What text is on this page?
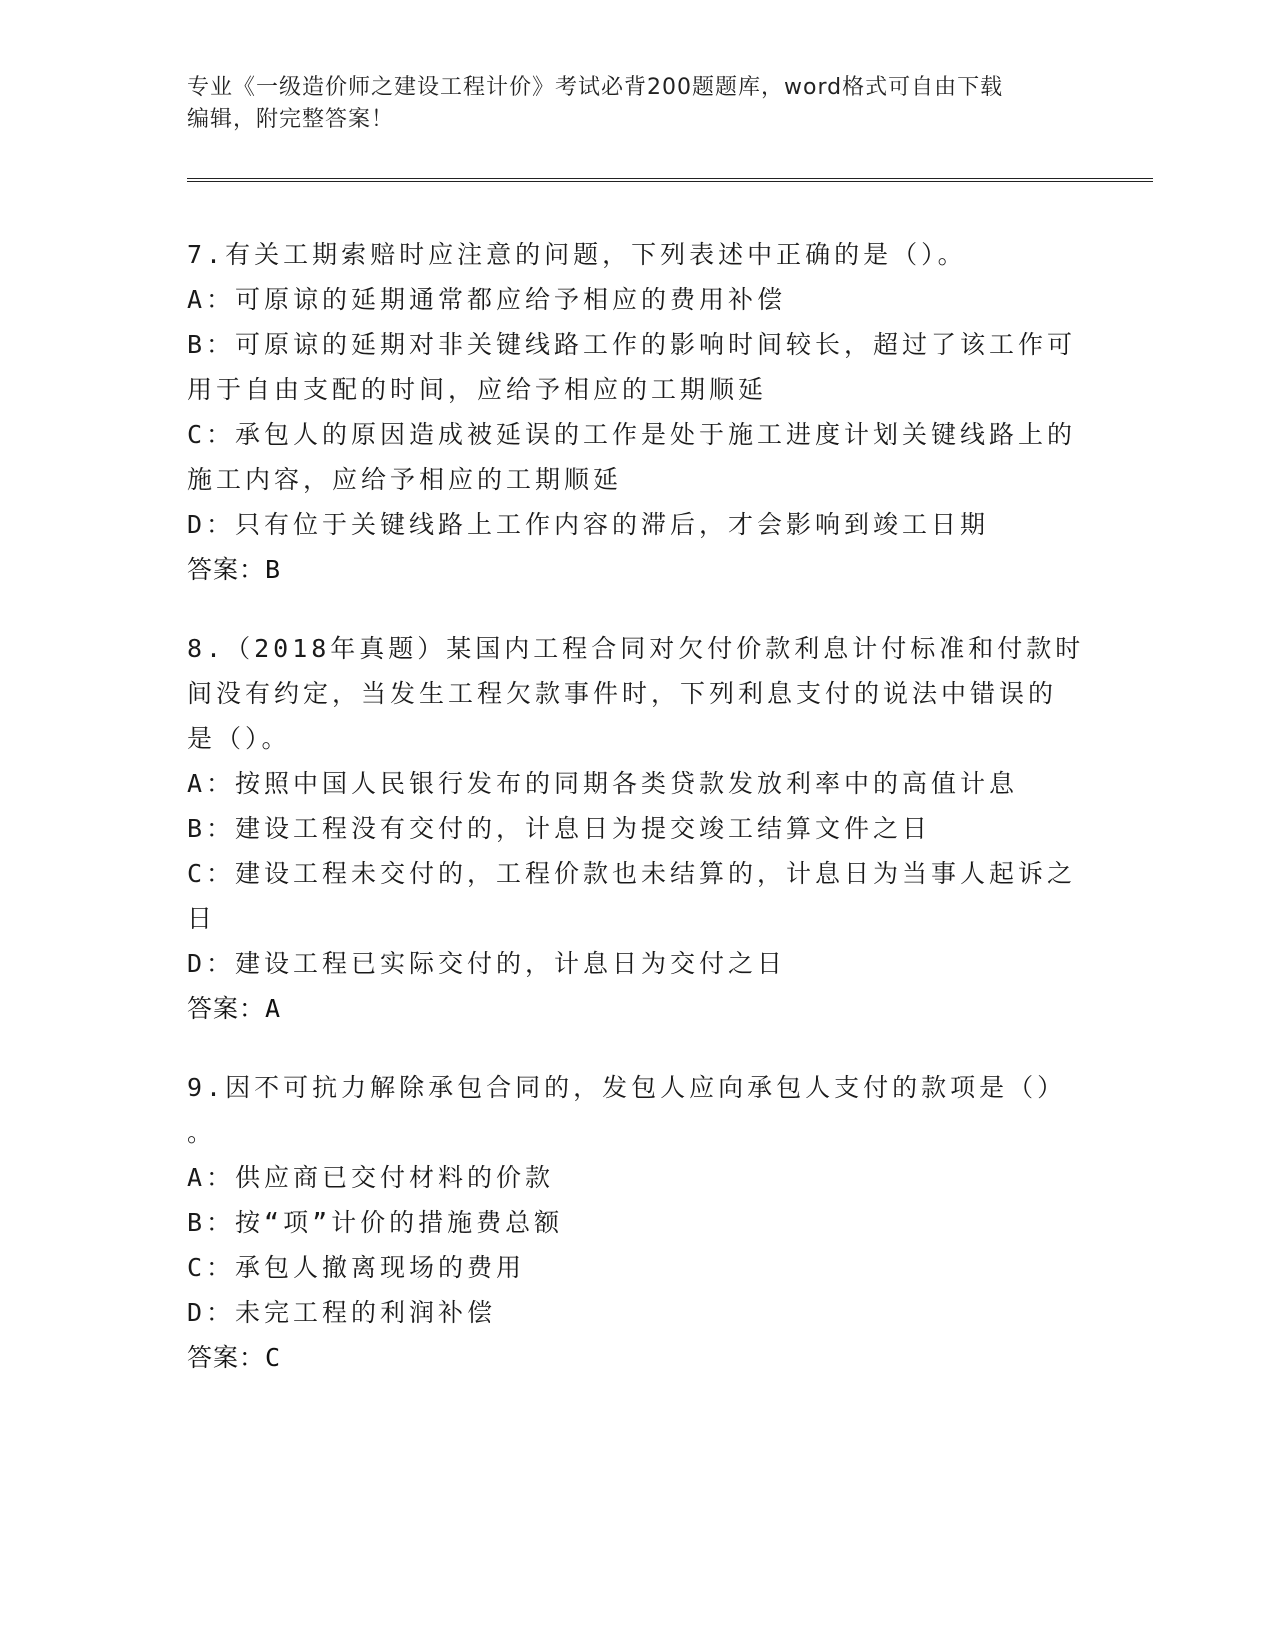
专业《一级造价师之建设工程计价》考试必背200题题库，word格式可自由下载
编辑，附完整答案！

7.有关工期索赔时应注意的问题，下列表述中正确的是（）。

A：可原谅的延期通常都应给予相应的费用补偿

B：可原谅的延期对非关键线路工作的影响时间较长，超过了该工作可

用于自由支配的时间，应给予相应的工期顺延

C：承包人的原因造成被延误的工作是处于施工进度计划关键线路上的

施工内容，应给予相应的工期顺延

D：只有位于关键线路上工作内容的滞后，才会影响到竣工日期

答案：B

8.（2018年真题）某国内工程合同对欠付价款利息计付标准和付款时

间没有约定，当发生工程欠款事件时，下列利息支付的说法中错误的

是（）。

A：按照中国人民银行发布的同期各类贷款发放利率中的高值计息

B：建设工程没有交付的，计息日为提交竣工结算文件之日

C：建设工程未交付的，工程价款也未结算的，计息日为当事人起诉之

日

D：建设工程已实际交付的，计息日为交付之日

答案：A

9.因不可抗力解除承包合同的，发包人应向承包人支付的款项是（）

。

A：供应商已交付材料的价款

B：按“项”计价的措施费总额

C：承包人撤离现场的费用

D：未完工程的利润补偿

答案：C
